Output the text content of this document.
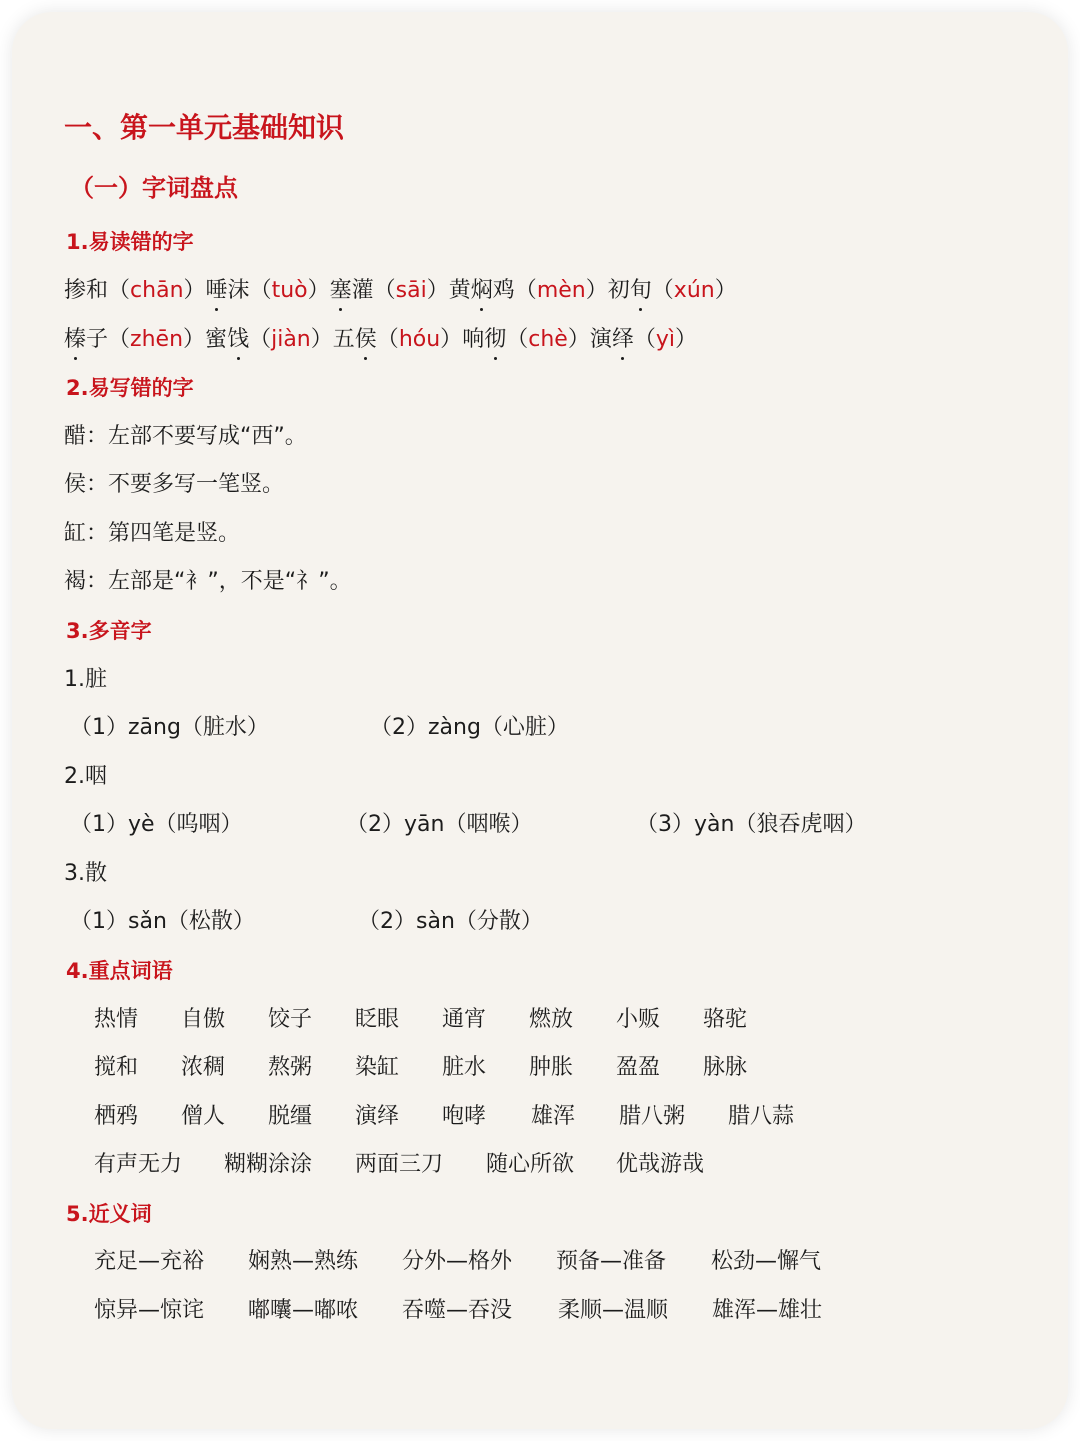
一、第一单元基础知识
（一）字词盘点
1.易读错的字
掺和（chān）唾沫（tuò）塞灌（sāi）黄焖鸡（mèn）初旬（xún）
榛子（zhēn）蜜饯（jiàn）五侯（hóu）响彻（chè）演绎（yì）
2.易写错的字
醋：左部不要写成“西”。
侯：不要多写一笔竖。
缸：第四笔是竖。
褐：左部是“衤”，不是“礻”。
3.多音字
1.脏
（1）zāng（脏水）	（2）zàng（心脏）
2.咽
（1）yè（呜咽）	（2）yān（咽喉）	（3）yàn（狼吞虎咽）
3.散
（1）sǎn（松散）	（2）sàn（分散）
4.重点词语
热情 自傲 饺子 眨眼 通宵 燃放 小贩 骆驼
搅和 浓稠 熬粥 染缸 脏水 肿胀 盈盈 脉脉
栖鸦 僧人 脱缰 演绎 咆哮 雄浑 腊八粥 腊八蒜
有声无力 糊糊涂涂 两面三刀 随心所欲 优哉游哉
5.近义词
充足—充裕 娴熟—熟练 分外—格外 预备—准备 松劲—懈气
惊异—惊诧 嘟囔—嘟哝 吞噬—吞没 柔顺—温顺 雄浑—雄壮
